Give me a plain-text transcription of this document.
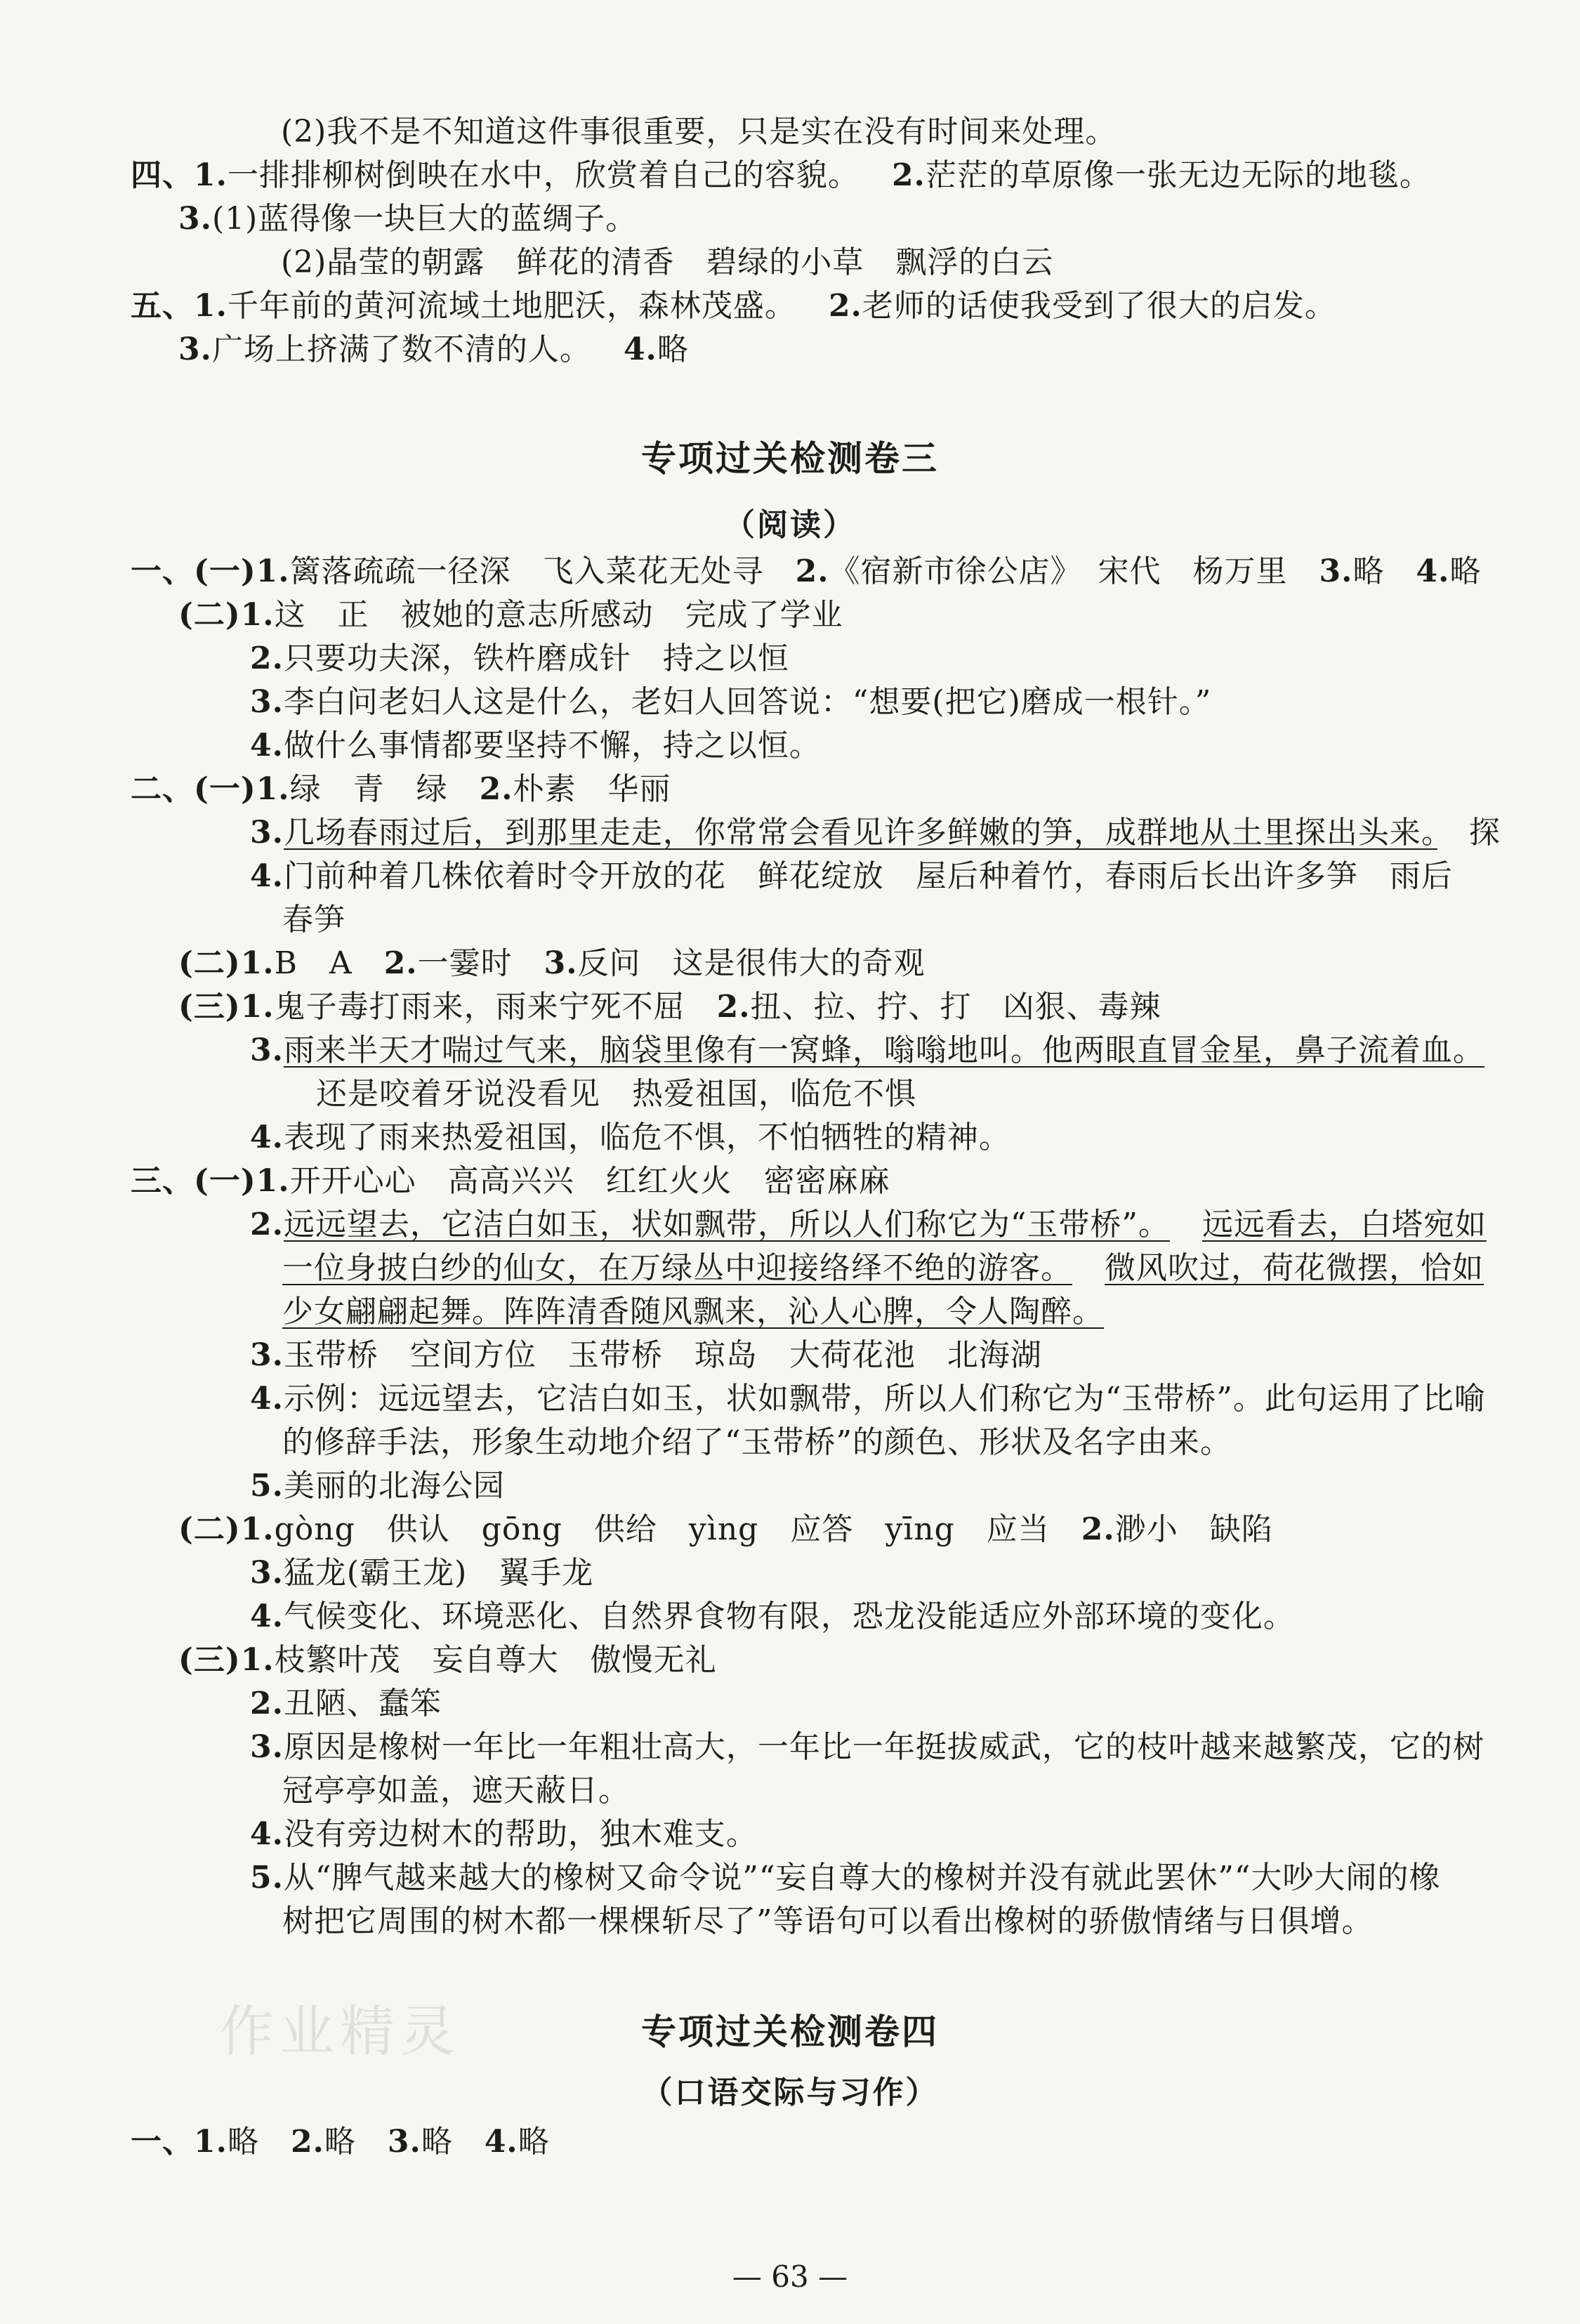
(2)我不是不知道这件事很重要，只是实在没有时间来处理。
四、1.一排排柳树倒映在水中，欣赏着自己的容貌。 2.茫茫的草原像一张无边无际的地毯。
3.(1)蓝得像一块巨大的蓝绸子。
(2)晶莹的朝露　鲜花的清香　碧绿的小草　飘浮的白云
五、1.千年前的黄河流域土地肥沃，森林茂盛。 2.老师的话使我受到了很大的启发。
3.广场上挤满了数不清的人。 4.略
专项过关检测卷三
（阅读）
一、(一)1.篱落疏疏一径深　飞入菜花无处寻　2.《宿新市徐公店》　宋代　杨万里　3.略　4.略
(二)1.这　正　被她的意志所感动　完成了学业
2.只要功夫深，铁杵磨成针　持之以恒
3.李白问老妇人这是什么，老妇人回答说：“想要(把它)磨成一根针。”
4.做什么事情都要坚持不懈，持之以恒。
二、(一)1.绿　青　绿　2.朴素　华丽
3.几场春雨过后，到那里走走，你常常会看见许多鲜嫩的笋，成群地从土里探出头来。　探
4.门前种着几株依着时令开放的花　鲜花绽放　屋后种着竹，春雨后长出许多笋　雨后
春笋
(二)1.B　A　2.一霎时　3.反问　这是很伟大的奇观
(三)1.鬼子毒打雨来，雨来宁死不屈　2.扭、拉、拧、打　凶狠、毒辣
3.雨来半天才喘过气来，脑袋里像有一窝蜂，嗡嗡地叫。他两眼直冒金星，鼻子流着血。
还是咬着牙说没看见　热爱祖国，临危不惧
4.表现了雨来热爱祖国，临危不惧，不怕牺牲的精神。
三、(一)1.开开心心　高高兴兴　红红火火　密密麻麻
2.远远望去，它洁白如玉，状如飘带，所以人们称它为“玉带桥”。 远远看去，白塔宛如
一位身披白纱的仙女，在万绿丛中迎接络绎不绝的游客。 微风吹过，荷花微摆，恰如
少女翩翩起舞。阵阵清香随风飘来，沁人心脾，令人陶醉。
3.玉带桥　空间方位　玉带桥　琼岛　大荷花池　北海湖
4.示例：远远望去，它洁白如玉，状如飘带，所以人们称它为“玉带桥”。此句运用了比喻
的修辞手法，形象生动地介绍了“玉带桥”的颜色、形状及名字由来。
5.美丽的北海公园
(二)1.gòng　供认　gōng　供给　yìng　应答　yīng　应当　2.渺小　缺陷
3.猛龙(霸王龙)　翼手龙
4.气候变化、环境恶化、自然界食物有限，恐龙没能适应外部环境的变化。
(三)1.枝繁叶茂　妄自尊大　傲慢无礼
2.丑陋、蠢笨
3.原因是橡树一年比一年粗壮高大，一年比一年挺拔威武，它的枝叶越来越繁茂，它的树
冠亭亭如盖，遮天蔽日。
4.没有旁边树木的帮助，独木难支。
5.从“脾气越来越大的橡树又命令说”“妄自尊大的橡树并没有就此罢休”“大吵大闹的橡
树把它周围的树木都一棵棵斩尽了”等语句可以看出橡树的骄傲情绪与日俱增。
作业精灵	专项过关检测卷四
（口语交际与习作）
一、1.略　2.略　3.略　4.略
— 63 —
